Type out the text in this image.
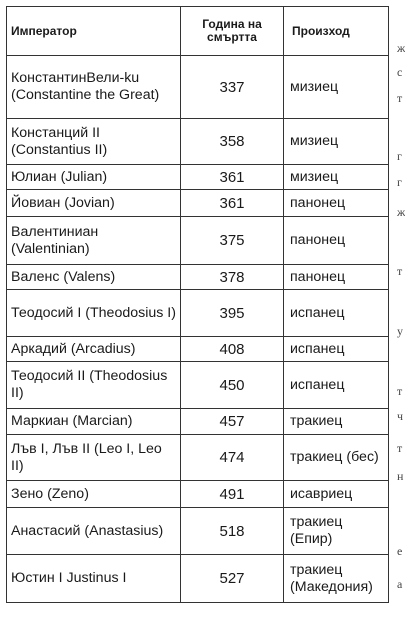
Император	Година на смъртта	Произход
КонстантинВели-ku (Constantine the Great)	337	мизиец
Констанций II (Constantius II)	358	мизиец
Юлиан (Julian)	361	мизиец
Йовиан (Jovian)	361	панонец
Валентиниан (Valentinian)	375	панонец
Валенс (Valens)	378	панонец
Теодосий I (Theodosius I)	395	испанец
Аркадий (Arcadius)	408	испанец
Теодосий II (Theodosius II)	450	испанец
Маркиан (Marcian)	457	тракиец
Лъв I, Лъв II (Leo I, Leo II)	474	тракиец (бес)
Зено (Zeno)	491	исавриец
Анастасий (Anastasius)	518	тракиец (Епир)
Юстин I Justinus I	527	тракиец (Македония)
ж
с
т
г
г
ж
т
у
т
ч
т
н
е
а
